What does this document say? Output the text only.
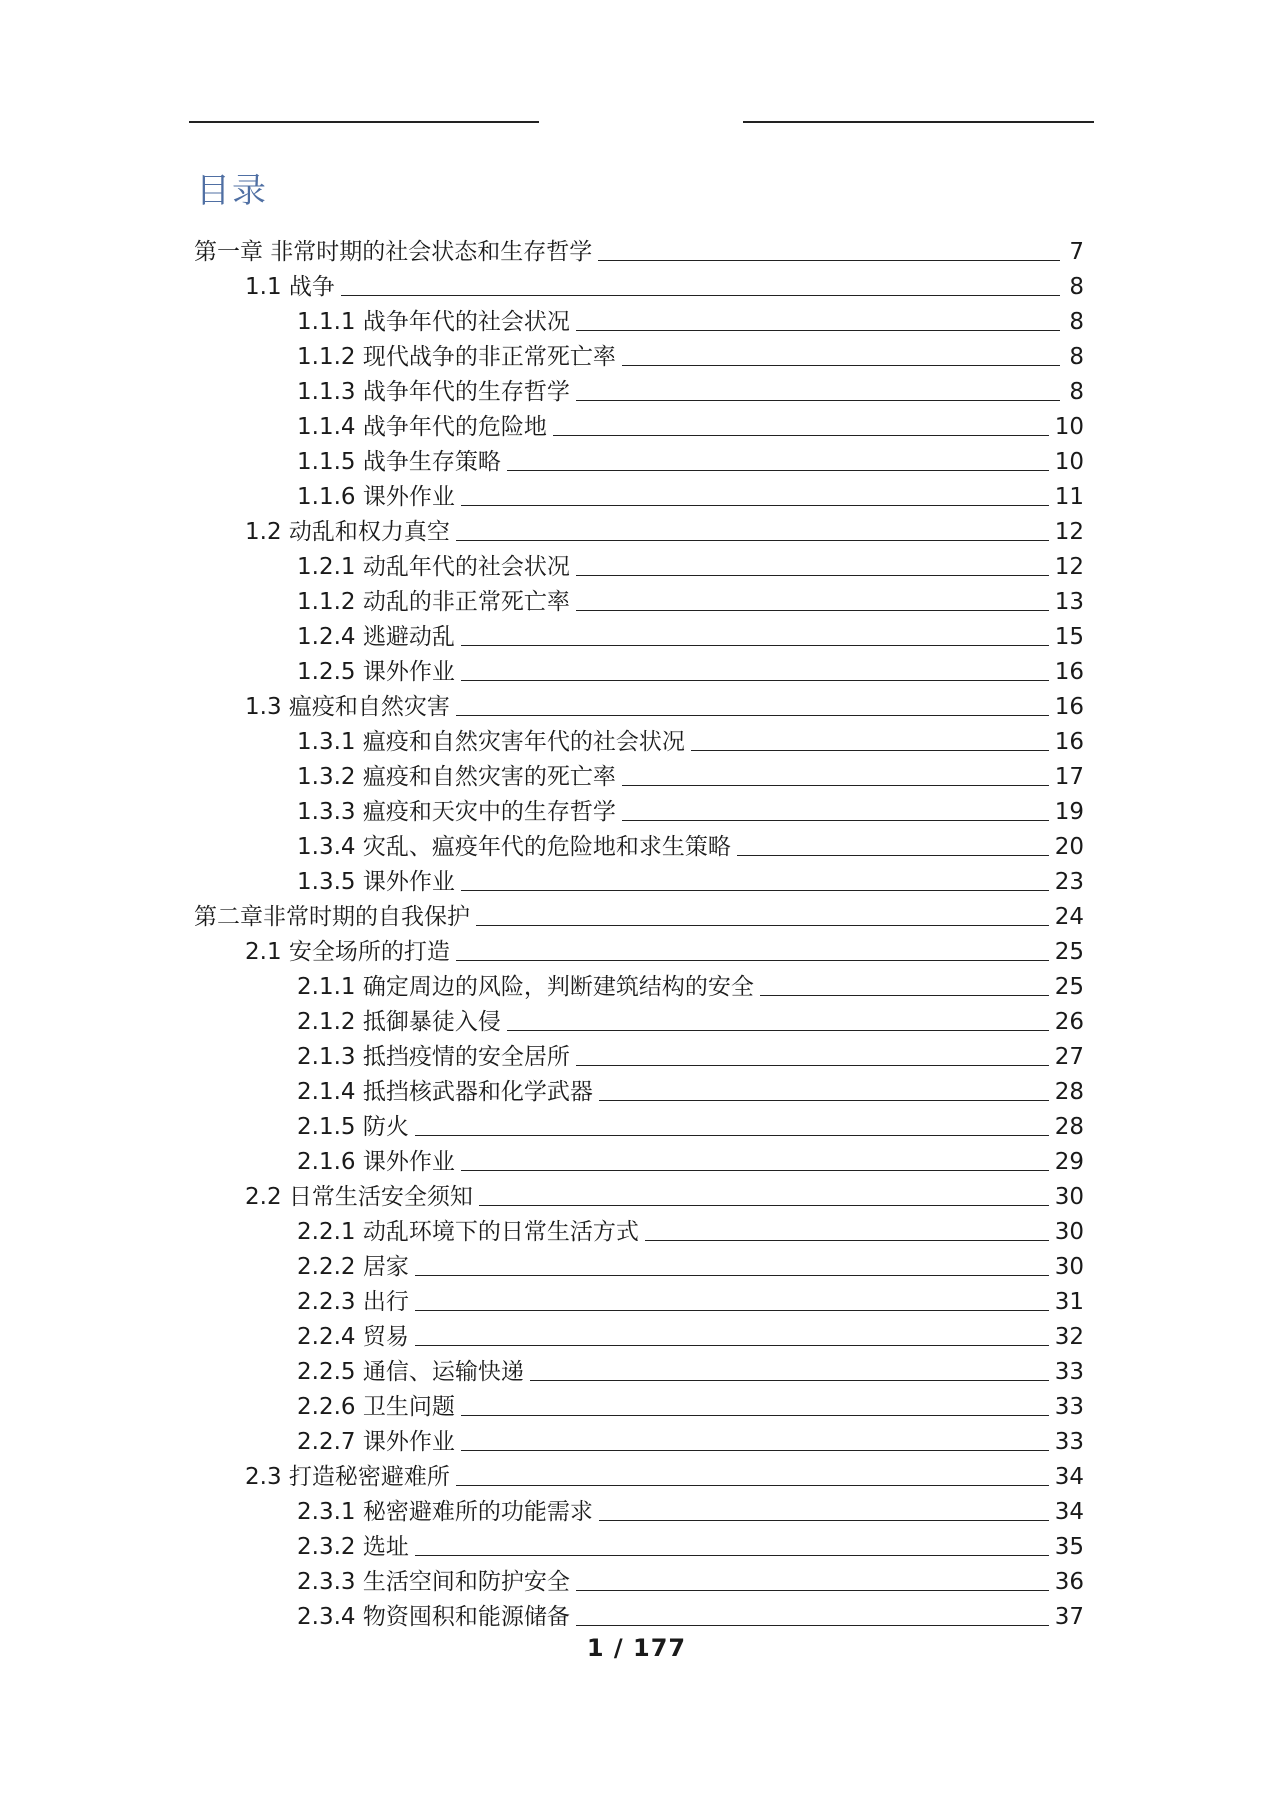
目录
第一章 非常时期的社会状态和生存哲学	7
1.1 战争	8
1.1.1 战争年代的社会状况	8
1.1.2 现代战争的非正常死亡率	8
1.1.3 战争年代的生存哲学	8
1.1.4 战争年代的危险地	10
1.1.5 战争生存策略	10
1.1.6 课外作业	11
1.2 动乱和权力真空	12
1.2.1 动乱年代的社会状况	12
1.1.2 动乱的非正常死亡率	13
1.2.4 逃避动乱	15
1.2.5 课外作业	16
1.3 瘟疫和自然灾害	16
1.3.1 瘟疫和自然灾害年代的社会状况	16
1.3.2 瘟疫和自然灾害的死亡率	17
1.3.3 瘟疫和天灾中的生存哲学	19
1.3.4 灾乱、瘟疫年代的危险地和求生策略	20
1.3.5 课外作业	23
第二章非常时期的自我保护	24
2.1 安全场所的打造	25
2.1.1 确定周边的风险，判断建筑结构的安全	25
2.1.2 抵御暴徒入侵	26
2.1.3 抵挡疫情的安全居所	27
2.1.4 抵挡核武器和化学武器	28
2.1.5 防火	28
2.1.6 课外作业	29
2.2 日常生活安全须知	30
2.2.1 动乱环境下的日常生活方式	30
2.2.2 居家	30
2.2.3 出行	31
2.2.4 贸易	32
2.2.5 通信、运输快递	33
2.2.6 卫生问题	33
2.2.7 课外作业	33
2.3 打造秘密避难所	34
2.3.1 秘密避难所的功能需求	34
2.3.2 选址	35
2.3.3 生活空间和防护安全	36
2.3.4 物资囤积和能源储备	37
1 / 177
